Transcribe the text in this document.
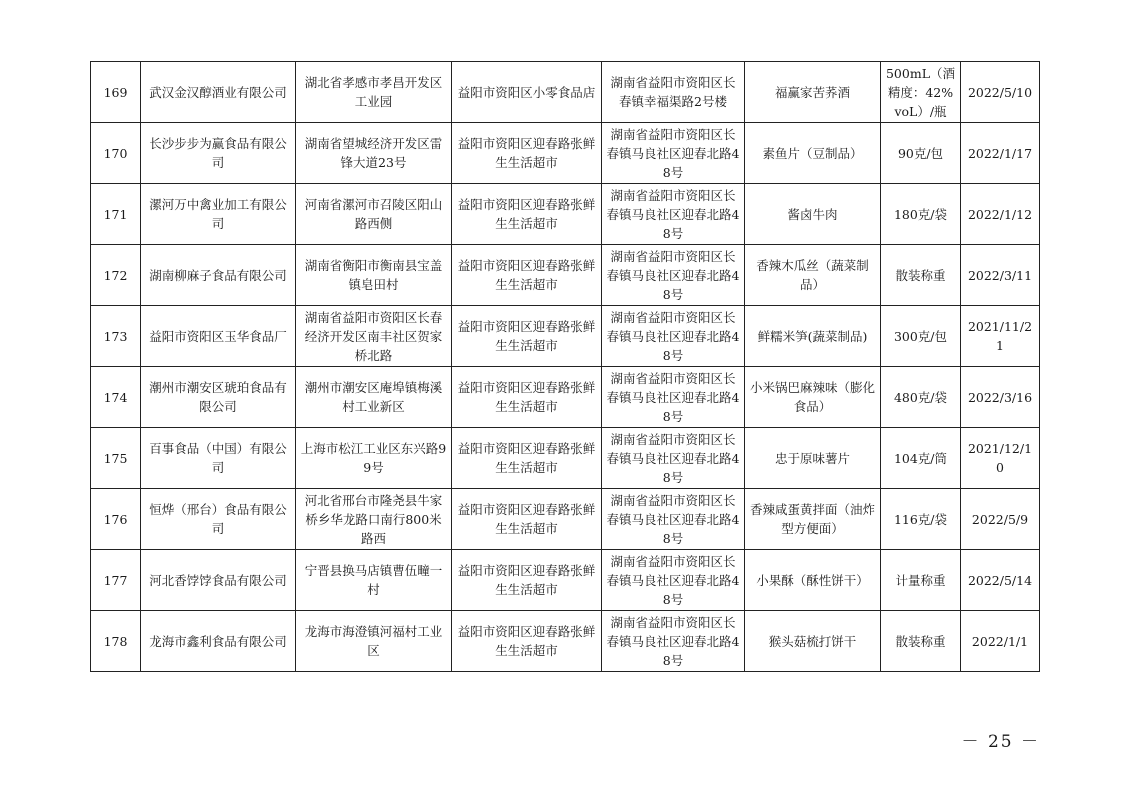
169	武汉金汉醇酒业有限公司	湖北省孝感市孝昌开发区工业园	益阳市资阳区小零食品店	湖南省益阳市资阳区长春镇幸福渠路2号楼	福赢家苦荞酒	500mL（酒精度：42%voL）/瓶	2022/5/10
170	长沙步步为赢食品有限公司	湖南省望城经济开发区雷锋大道23号	益阳市资阳区迎春路张鲜生生活超市	湖南省益阳市资阳区长春镇马良社区迎春北路48号	素鱼片（豆制品）	90克/包	2022/1/17
171	漯河万中禽业加工有限公司	河南省漯河市召陵区阳山路西侧	益阳市资阳区迎春路张鲜生生活超市	湖南省益阳市资阳区长春镇马良社区迎春北路48号	酱卤牛肉	180克/袋	2022/1/12
172	湖南柳麻子食品有限公司	湖南省衡阳市衡南县宝盖镇皂田村	益阳市资阳区迎春路张鲜生生活超市	湖南省益阳市资阳区长春镇马良社区迎春北路48号	香辣木瓜丝（蔬菜制品）	散装称重	2022/3/11
173	益阳市资阳区玉华食品厂	湖南省益阳市资阳区长春经济开发区南丰社区贺家桥北路	益阳市资阳区迎春路张鲜生生活超市	湖南省益阳市资阳区长春镇马良社区迎春北路48号	鲜糯米笋(蔬菜制品)	300克/包	2021/11/21
174	潮州市潮安区琥珀食品有限公司	潮州市潮安区庵埠镇梅溪村工业新区	益阳市资阳区迎春路张鲜生生活超市	湖南省益阳市资阳区长春镇马良社区迎春北路48号	小米锅巴麻辣味（膨化食品）	480克/袋	2022/3/16
175	百事食品（中国）有限公司	上海市松江工业区东兴路99号	益阳市资阳区迎春路张鲜生生活超市	湖南省益阳市资阳区长春镇马良社区迎春北路48号	忠于原味薯片	104克/筒	2021/12/10
176	恒烨（邢台）食品有限公司	河北省邢台市隆尧县牛家桥乡华龙路口南行800米路西	益阳市资阳区迎春路张鲜生生活超市	湖南省益阳市资阳区长春镇马良社区迎春北路48号	香辣咸蛋黄拌面（油炸型方便面）	116克/袋	2022/5/9
177	河北香饽饽食品有限公司	宁晋县换马店镇曹伍疃一村	益阳市资阳区迎春路张鲜生生活超市	湖南省益阳市资阳区长春镇马良社区迎春北路48号	小果酥（酥性饼干）	计量称重	2022/5/14
178	龙海市鑫利食品有限公司	龙海市海澄镇河福村工业区	益阳市资阳区迎春路张鲜生生活超市	湖南省益阳市资阳区长春镇马良社区迎春北路48号	猴头菇梳打饼干	散装称重	2022/1/1
－ 25 －
